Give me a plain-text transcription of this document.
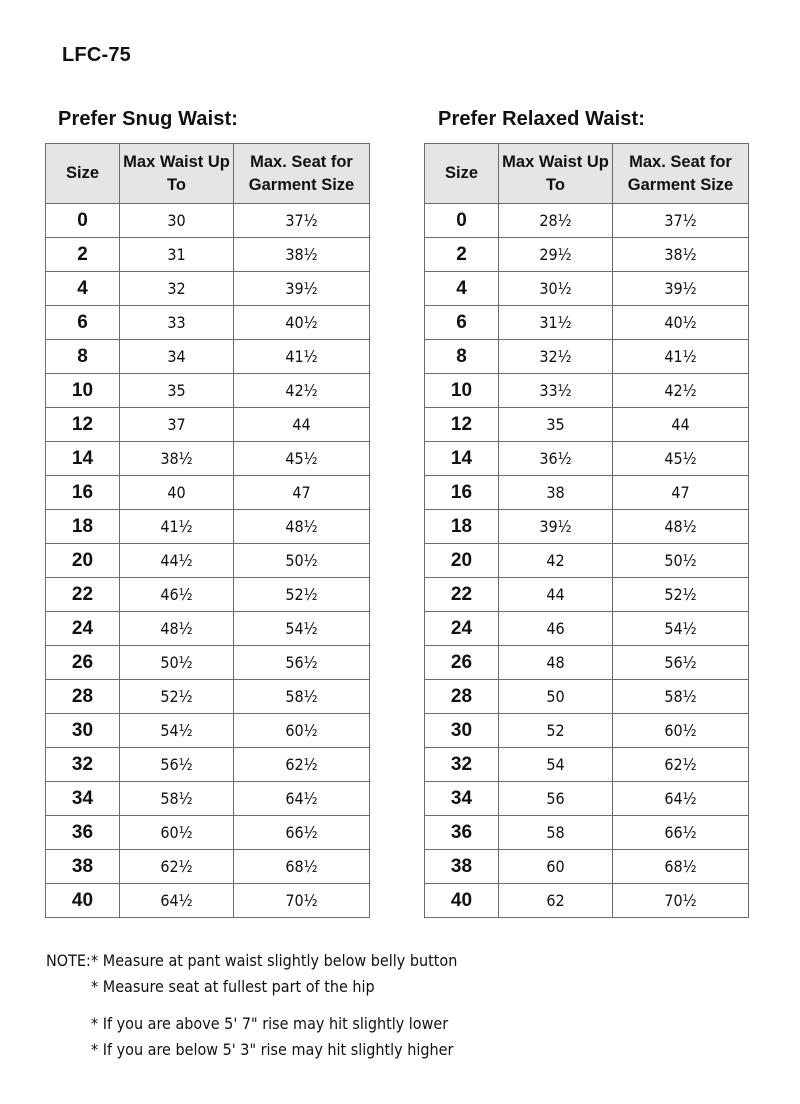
LFC-75
Prefer Snug Waist:	Prefer Relaxed Waist:
Size	Max Waist Up To	Max. Seat for Garment Size
0	30	37½
2	31	38½
4	32	39½
6	33	40½
8	34	41½
10	35	42½
12	37	44
14	38½	45½
16	40	47
18	41½	48½
20	44½	50½
22	46½	52½
24	48½	54½
26	50½	56½
28	52½	58½
30	54½	60½
32	56½	62½
34	58½	64½
36	60½	66½
38	62½	68½
40	64½	70½
Size	Max Waist Up To	Max. Seat for Garment Size
0	28½	37½
2	29½	38½
4	30½	39½
6	31½	40½
8	32½	41½
10	33½	42½
12	35	44
14	36½	45½
16	38	47
18	39½	48½
20	42	50½
22	44	52½
24	46	54½
26	48	56½
28	50	58½
30	52	60½
32	54	62½
34	56	64½
36	58	66½
38	60	68½
40	62	70½
NOTE: * Measure at pant waist slightly below belly button
* Measure seat at fullest part of the hip
* If you are above 5' 7" rise may hit slightly lower
* If you are below 5' 3" rise may hit slightly higher
